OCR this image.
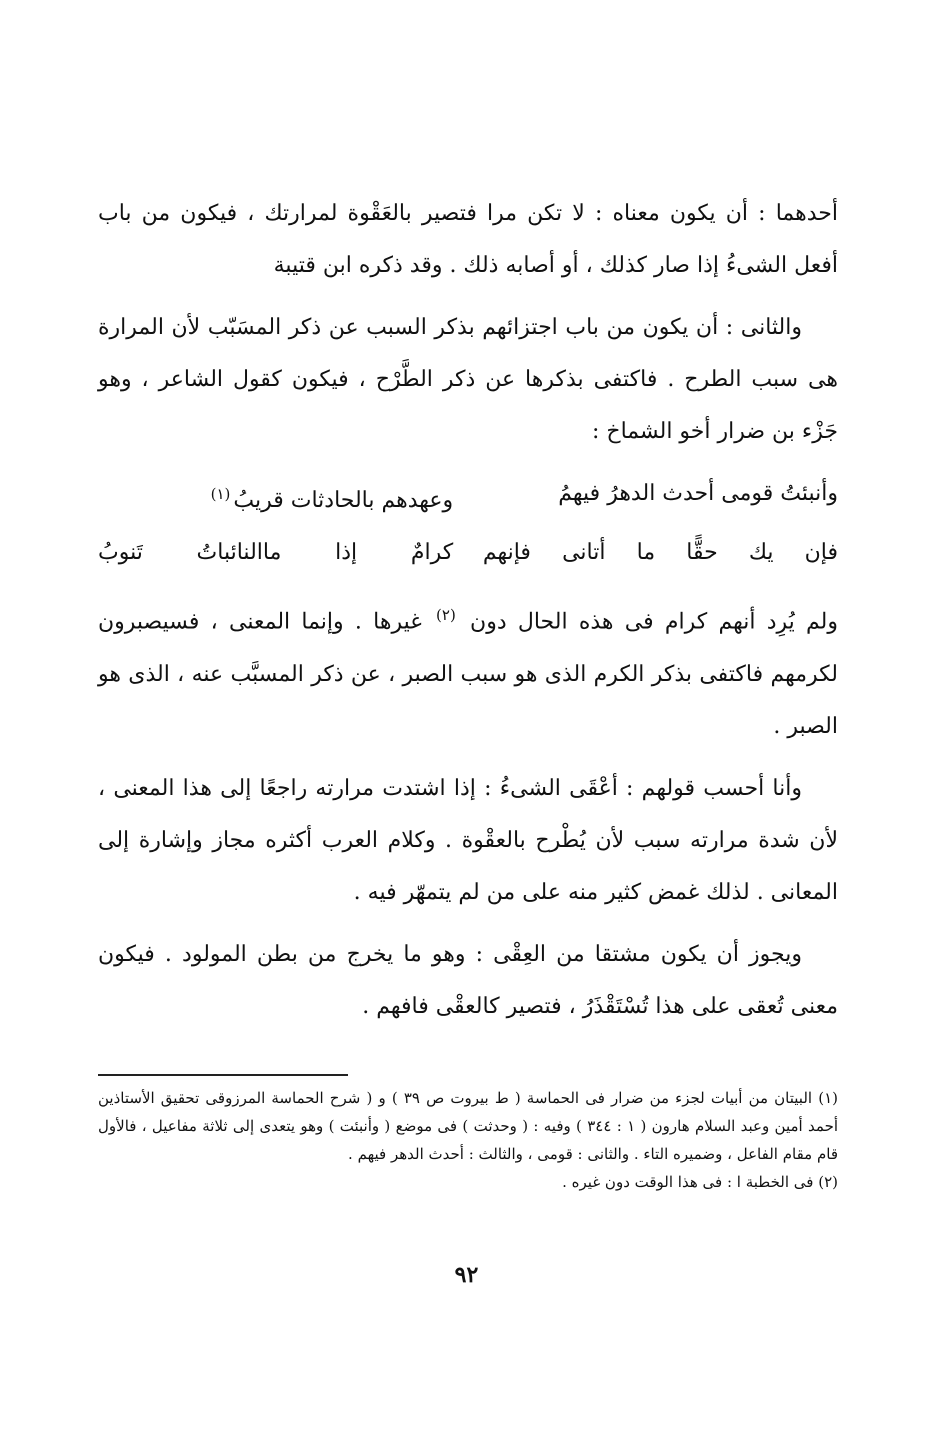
أحدهما : أن يكون معناه : لا تكن مرا فتصير بالعَقْوة لمرارتك ، فيكون من باب أفعل الشىءُ إذا صار كذلك ، أو أصابه ذلك . وقد ذكره ابن قتيبة

والثانى : أن يكون من باب اجتزائهم بذكر السبب عن ذكر المسَبّب لأن المرارة هى سبب الطرح . فاكتفى بذكرها عن ذكر الطَّرْح ، فيكون كقول الشاعر ، وهو جَزْء بن ضرار أخو الشماخ :

وأنبئتُ قومى أحدث الدهرُ فيهمُ
وعهدهم بالحادثات قريبُ(١)
فإن يك حقًّا ما أتانى فإنهم
كرامٌ إذا ماالنائباتُ تَنوبُ

ولم يُرِد أنهم كرام فى هذه الحال دون $^{(٢)}$ غيرها . وإنما المعنى ، فسيصبرون لكرمهم فاكتفى بذكر الكرم الذى هو سبب الصبر ، عن ذكر المسبَّب عنه ، الذى هو الصبر .

وأنا أحسب قولهم : أعْقَى الشىءُ : إذا اشتدت مرارته راجعًا إلى هذا المعنى ، لأن شدة مرارته سبب لأن يُطْرح بالعقْوة . وكلام العرب أكثره مجاز وإشارة إلى المعانى . لذلك غمض كثير منه على من لم يتمهّر فيه .

ويجوز أن يكون مشتقا من العِقْى : وهو ما يخرج من بطن المولود . فيكون معنى تُعقى على هذا تُسْتَقْذَرُ ، فتصير كالعقْى فافهم .

(١) البيتان من أبيات لجزء من ضرار فى الحماسة ( ط بيروت ص ٣٩ ) و ( شرح الحماسة المرزوقى تحقيق الأستاذين أحمد أمين وعبد السلام هارون ( ١ : ٣٤٤ ) وفيه : ( وحدثت ) فى موضع ( وأنبئت ) وهو يتعدى إلى ثلاثة مفاعيل ، فالأول قام مقام الفاعل ، وضميره التاء . والثانى : قومى ، والثالث : أحدث الدهر فيهم .

(٢) فى الخطبة ا : فى هذا الوقت دون غيره .

٩٢
